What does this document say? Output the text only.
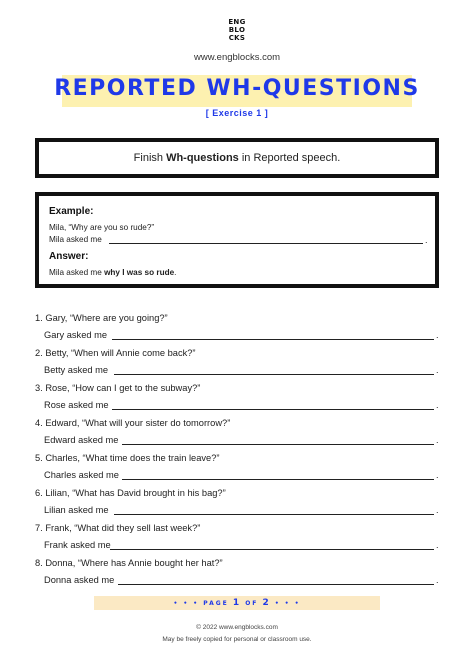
ENG
BLO
CKS
www.engblocks.com
REPORTED WH-QUESTIONS
[ Exercise 1 ]
Finish Wh-questions in Reported speech.
Example:
Mila, “Why are you so rude?”
Mila asked me	.
Answer:
Mila asked me why I was so rude.
1. Gary, “Where are you going?”
Gary asked me	.
2. Betty, “When will Annie come back?”
Betty asked me	.
3. Rose, “How can I get to the subway?”
Rose asked me	.
4. Edward, “What will your sister do tomorrow?”
Edward asked me	.
5. Charles, “What time does the train leave?”
Charles asked me	.
6. Lilian, “What has David brought in his bag?”
Lilian asked me	.
7. Frank, “What did they sell last week?”
Frank asked me	.
8. Donna, “Where has Annie bought her hat?”
Donna asked me	.
• • • PAGE 1 OF 2 • • •
© 2022 www.engblocks.com
May be freely copied for personal or classroom use.
